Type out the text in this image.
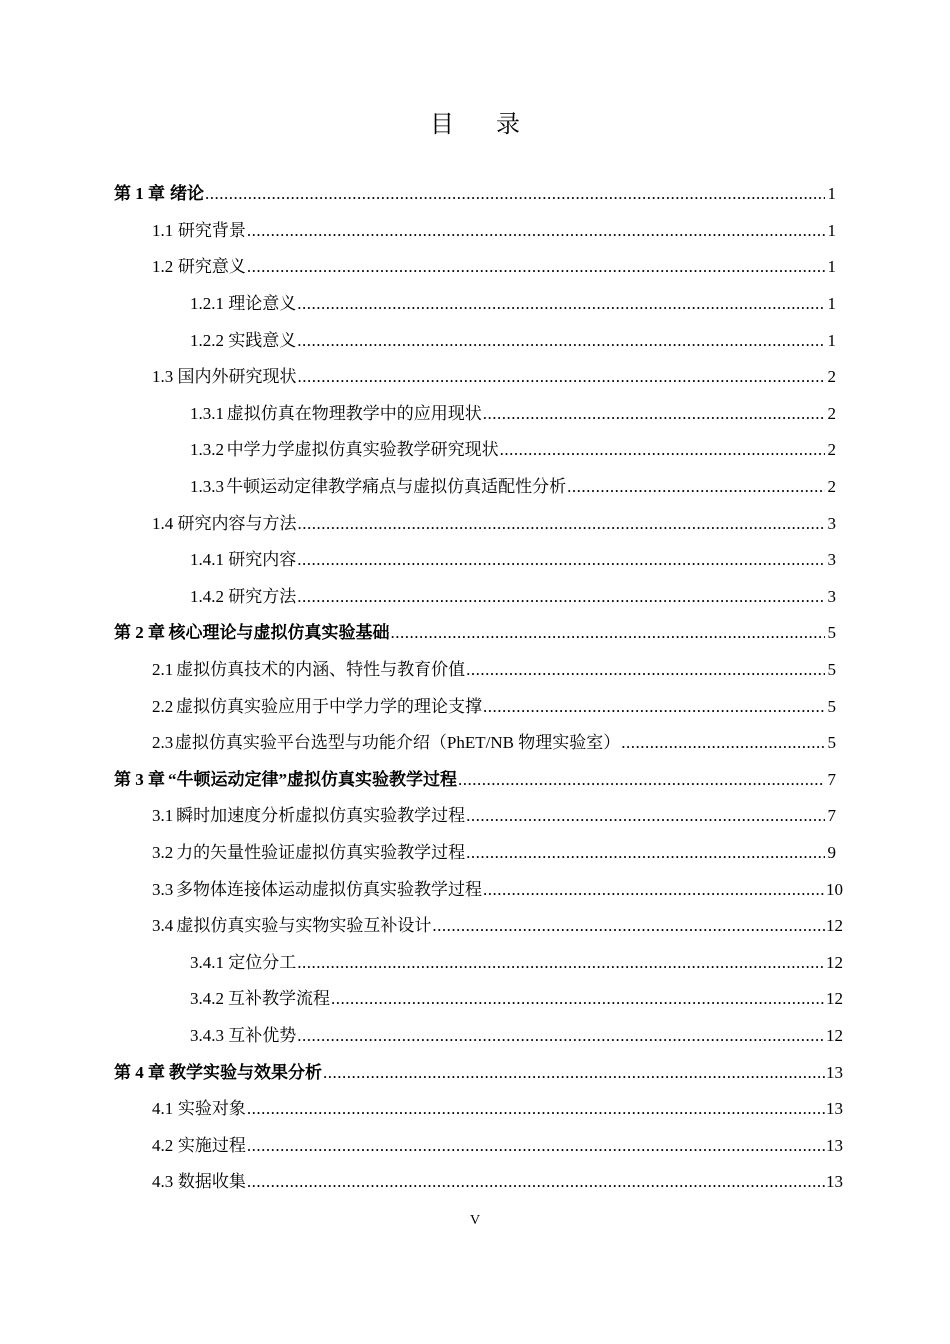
目 录
第 1 章 绪论 .....	1
1.1 研究背景 .....	1
1.2 研究意义 .....	1
1.2.1 理论意义 .....	1
1.2.2 实践意义 .....	1
1.3 国内外研究现状 .....	2
1.3.1 虚拟仿真在物理教学中的应用现状 .....	2
1.3.2 中学力学虚拟仿真实验教学研究现状 .....	2
1.3.3 牛顿运动定律教学痛点与虚拟仿真适配性分析 .....	2
1.4 研究内容与方法 .....	3
1.4.1 研究内容 .....	3
1.4.2 研究方法 .....	3
第 2 章 核心理论与虚拟仿真实验基础 .....	5
2.1 虚拟仿真技术的内涵、特性与教育价值 .....	5
2.2 虚拟仿真实验应用于中学力学的理论支撑 .....	5
2.3 虚拟仿真实验平台选型与功能介绍（PhET/NB 物理实验室） .....	5
第 3 章 “牛顿运动定律”虚拟仿真实验教学过程 .....	7
3.1 瞬时加速度分析虚拟仿真实验教学过程 .....	7
3.2 力的矢量性验证虚拟仿真实验教学过程 .....	9
3.3 多物体连接体运动虚拟仿真实验教学过程 .....	10
3.4 虚拟仿真实验与实物实验互补设计 .....	12
3.4.1 定位分工 .....	12
3.4.2 互补教学流程 .....	12
3.4.3 互补优势 .....	12
第 4 章 教学实验与效果分析 .....	13
4.1 实验对象 .....	13
4.2 实施过程 .....	13
4.3 数据收集 .....	13
V
